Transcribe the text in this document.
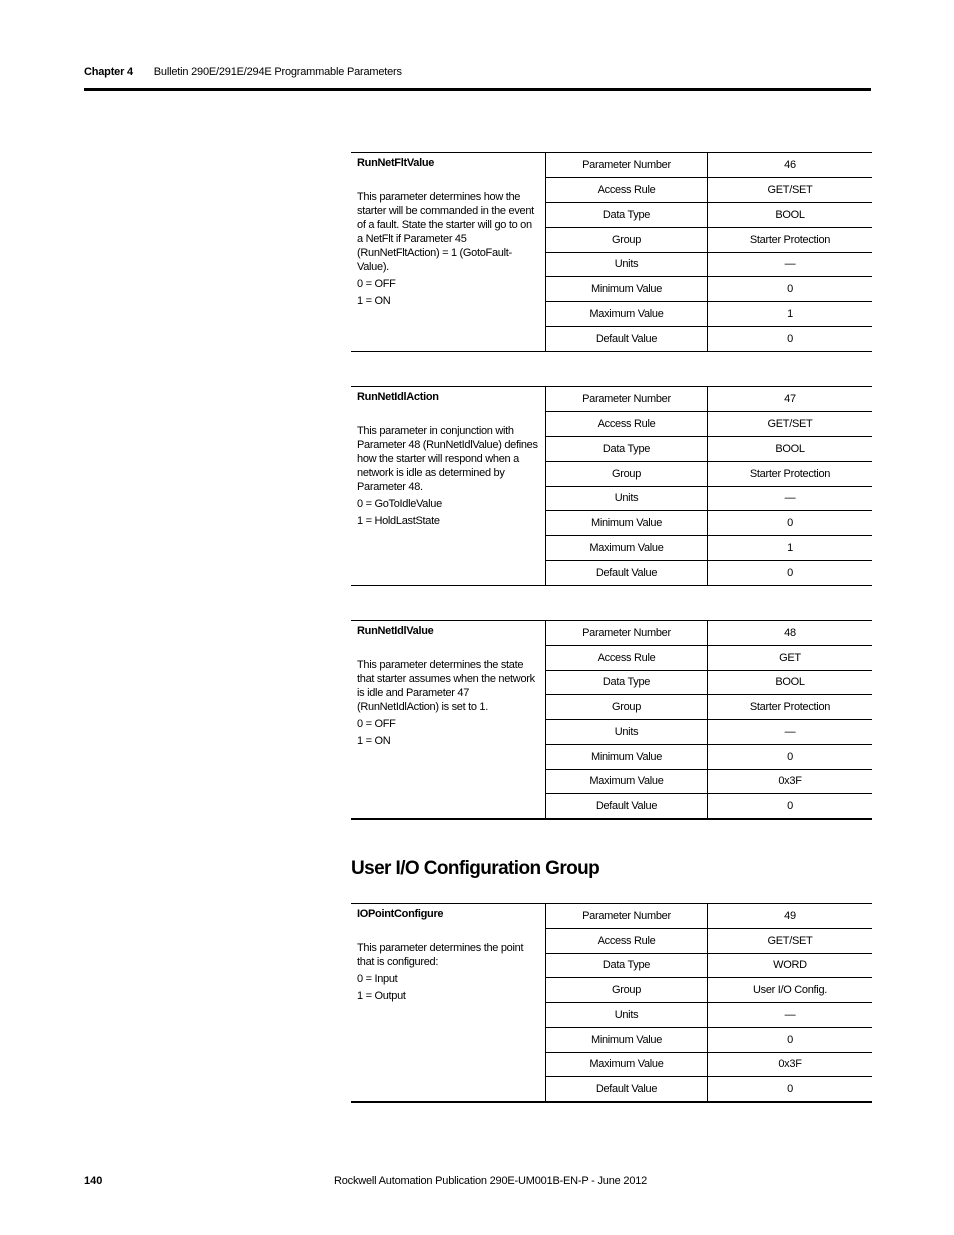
Chapter 4 Bulletin 290E/291E/294E Programmable Parameters
RunNetFltValue
This parameter determines how the starter will be commanded in the event of a fault. State the starter will go to on a NetFlt if Parameter 45 (RunNetFltAction) = 1 (GotoFault-Value).
0 = OFF
1 = ON
Parameter Number	46
Access Rule	GET/SET
Data Type	BOOL
Group	Starter Protection
Units	—
Minimum Value	0
Maximum Value	1
Default Value	0
RunNetIdlAction
This parameter in conjunction with Parameter 48 (RunNetIdlValue) defines how the starter will respond when a network is idle as determined by Parameter 48.
0 = GoToIdleValue
1 = HoldLastState
Parameter Number	47
Access Rule	GET/SET
Data Type	BOOL
Group	Starter Protection
Units	—
Minimum Value	0
Maximum Value	1
Default Value	0
RunNetIdlValue
This parameter determines the state that starter assumes when the network is idle and Parameter 47 (RunNetIdlAction) is set to 1.
0 = OFF
1 = ON
Parameter Number	48
Access Rule	GET
Data Type	BOOL
Group	Starter Protection
Units	—
Minimum Value	0
Maximum Value	0x3F
Default Value	0
User I/O Configuration Group
IOPointConfigure
This parameter determines the point that is configured:
0 = Input
1 = Output
Parameter Number	49
Access Rule	GET/SET
Data Type	WORD
Group	User I/O Config.
Units	—
Minimum Value	0
Maximum Value	0x3F
Default Value	0
140	Rockwell Automation Publication 290E-UM001B-EN-P - June 2012
